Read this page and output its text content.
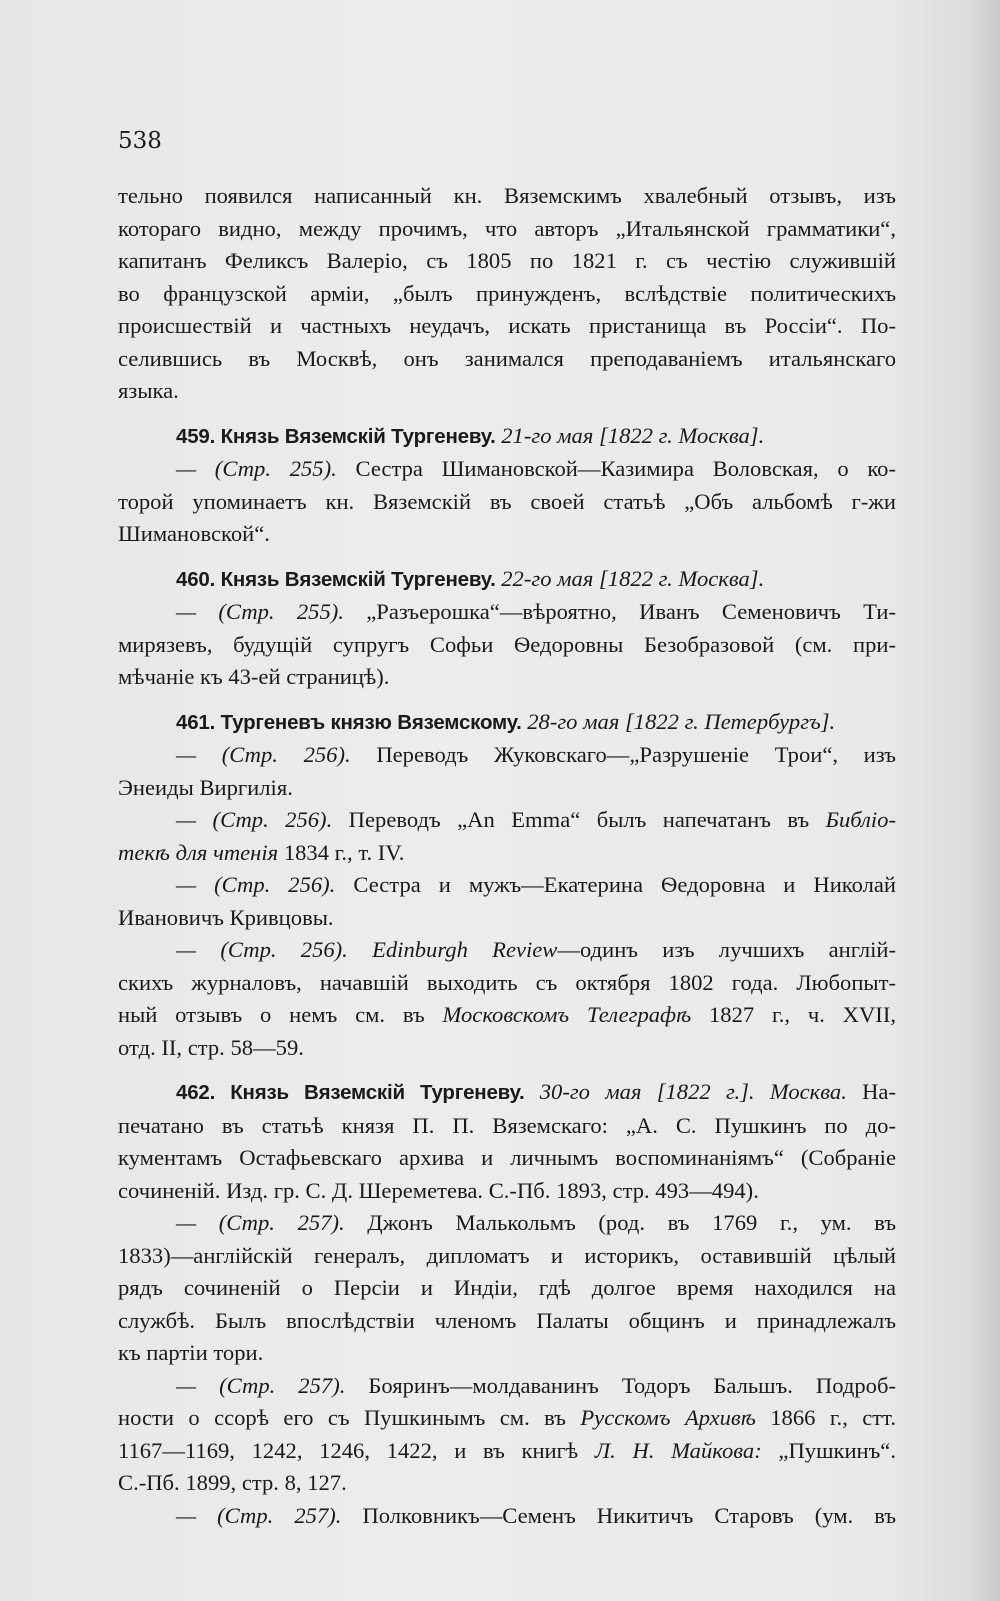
538
тельно появился написанный кн. Вяземскимъ хвалебный отзывъ, изъ
котораго видно, между прочимъ, что авторъ „Итальянской грамматики“,
капитанъ Феликсъ Валеріо, съ 1805 по 1821 г. съ честію служившій
во французской арміи, „былъ принужденъ, вслѣдствіе политическихъ
происшествій и частныхъ неудачъ, искать пристанища въ Россіи“. По-
селившись въ Москвѣ, онъ занимался преподаваніемъ итальянскаго
языка.
459. Князь Вяземскій Тургеневу. 21-го мая [1822 г. Москва].
— (Стр. 255). Сестра Шимановской—Казимира Воловская, о ко-
торой упоминаетъ кн. Вяземскій въ своей статьѣ „Объ альбомѣ г-жи
Шимановской“.
460. Князь Вяземскій Тургеневу. 22-го мая [1822 г. Москва].
— (Стр. 255). „Разъерошка“—вѣроятно, Иванъ Семеновичъ Ти-
мирязевъ, будущій супругъ Софьи Ѳедоровны Безобразовой (см. при-
мѣчаніе къ 43-ей страницѣ).
461. Тургеневъ князю Вяземскому. 28-го мая [1822 г. Петербургъ].
— (Стр. 256). Переводъ Жуковскаго—„Разрушеніе Трои“, изъ
Энеиды Виргилія.
— (Стр. 256). Переводъ „An Emma“ былъ напечатанъ въ Библіо-
текѣ для чтенія 1834 г., т. IV.
— (Стр. 256). Сестра и мужъ—Екатерина Ѳедоровна и Николай
Ивановичъ Кривцовы.
— (Стр. 256). Edinburgh Review—одинъ изъ лучшихъ англій-
скихъ журналовъ, начавшій выходить съ октября 1802 года. Любопыт-
ный отзывъ о немъ см. въ Московскомъ Телеграфѣ 1827 г., ч. XVII,
отд. II, стр. 58—59.
462. Князь Вяземскій Тургеневу. 30-го мая [1822 г.]. Москва. На-
печатано въ статьѣ князя П. П. Вяземскаго: „А. С. Пушкинъ по до-
кументамъ Остафьевскаго архива и личнымъ воспоминаніямъ“ (Собраніе
сочиненій. Изд. гр. С. Д. Шереметева. С.-Пб. 1893, стр. 493—494).
— (Стр. 257). Джонъ Малькольмъ (род. въ 1769 г., ум. въ
1833)—англійскій генералъ, дипломатъ и историкъ, оставившій цѣлый
рядъ сочиненій о Персіи и Индіи, гдѣ долгое время находился на
службѣ. Былъ впослѣдствіи членомъ Палаты общинъ и принадлежалъ
къ партіи тори.
— (Стр. 257). Бояринъ—молдаванинъ Тодоръ Бальшъ. Подроб-
ности о ссорѣ его съ Пушкинымъ см. въ Русскомъ Архивѣ 1866 г., стт.
1167—1169, 1242, 1246, 1422, и въ книгѣ Л. Н. Майкова: „Пушкинъ“.
С.-Пб. 1899, стр. 8, 127.
— (Стр. 257). Полковникъ—Семенъ Никитичъ Старовъ (ум. въ
